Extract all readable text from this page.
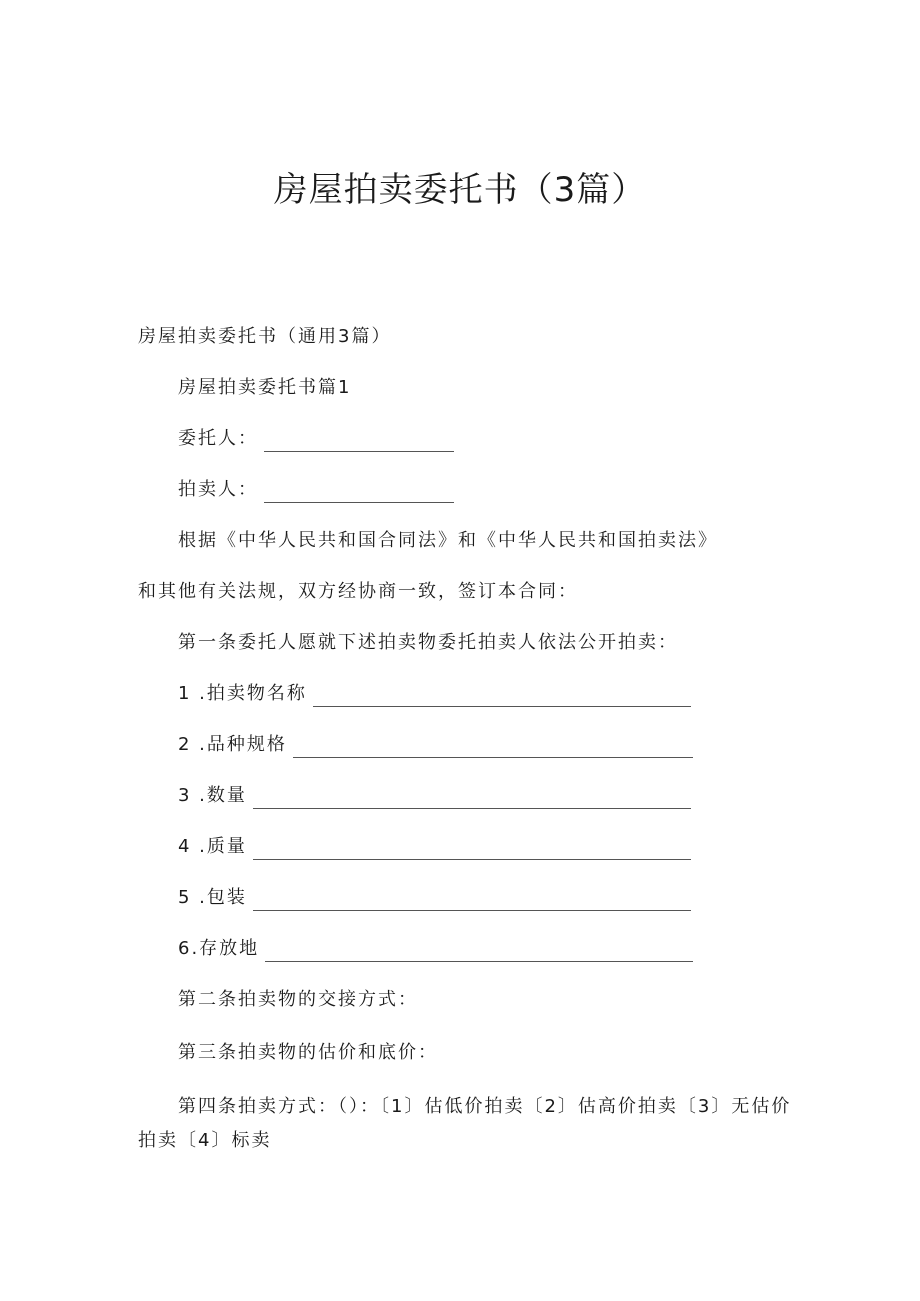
房屋拍卖委托书（3篇）
房屋拍卖委托书（通用3篇）
房屋拍卖委托书篇1
委托人：
拍卖人：
根据《中华人民共和国合同法》和《中华人民共和国拍卖法》
和其他有关法规，双方经协商一致，签订本合同：
第一条委托人愿就下述拍卖物委托拍卖人依法公开拍卖：
1 .拍卖物名称
2 .品种规格
3 .数量
4 .质量
5 .包装
6.存放地
第二条拍卖物的交接方式：
第三条拍卖物的估价和底价：
第四条拍卖方式：（）：〔1〕估低价拍卖〔2〕估高价拍卖〔3〕无估价拍卖〔4〕标卖
